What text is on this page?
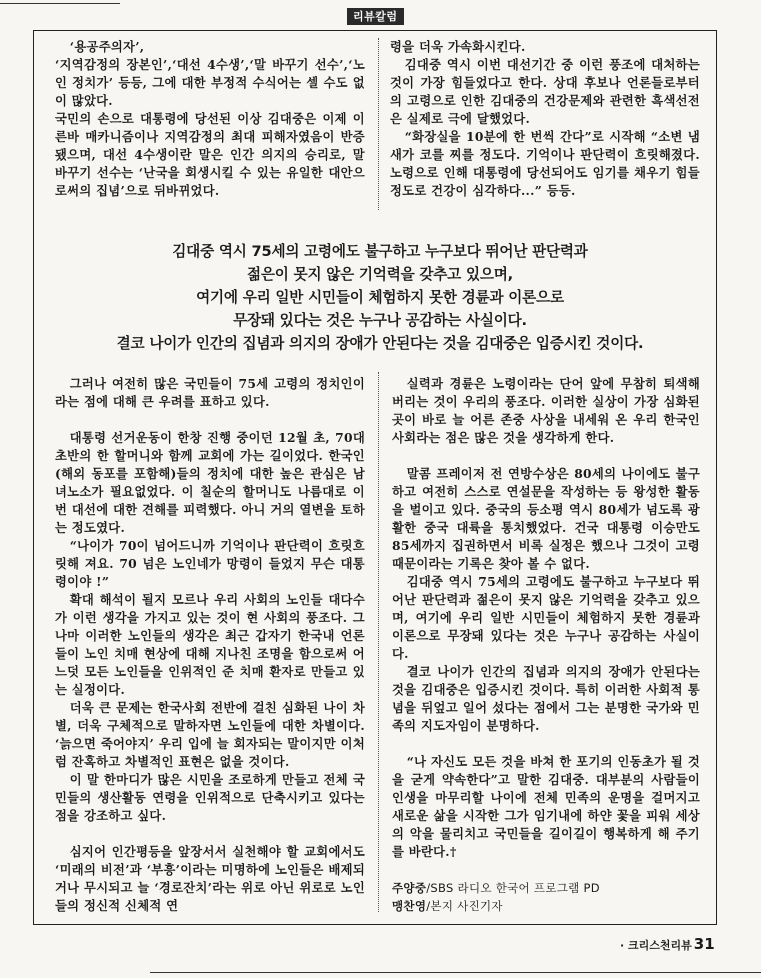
리뷰칼럼

‘용공주의자’,

‘지역감정의 장본인’,‘대선 4수생’,‘말 바꾸기 선수’,‘노인 정치가’ 등등, 그에 대한 부정적 수식어는 셀 수도 없이 많았다.

국민의 손으로 대통령에 당선된 이상 김대중은 이제 이른바 매카니즘이나 지역감정의 최대 피해자였음이 반증됐으며, 대선 4수생이란 말은 인간 의지의 승리로, 말 바꾸기 선수는 ‘난국을 회생시킬 수 있는 유일한 대안으로써의 집념’으로 뒤바뀌었다.

령을 더욱 가속화시킨다.

김대중 역시 이번 대선기간 중 이런 풍조에 대처하는 것이 가장 힘들었다고 한다. 상대 후보나 언론들로부터의 고령으로 인한 김대중의 건강문제와 관련한 흑색선전은 실제로 극에 달했었다.

“화장실을 10분에 한 번씩 간다”로 시작해 “소변 냄새가 코를 찌를 정도다. 기억이나 판단력이 흐릿해졌다. 노령으로 인해 대통령에 당선되어도 임기를 채우기 힘들 정도로 건강이 심각하다...” 등등.

김대중 역시 75세의 고령에도 불구하고 누구보다 뛰어난 판단력과
젊은이 못지 않은 기억력을 갖추고 있으며,
여기에 우리 일반 시민들이 체험하지 못한 경륜과 이론으로
무장돼 있다는 것은 누구나 공감하는 사실이다.
결코 나이가 인간의 집념과 의지의 장애가 안된다는 것을 김대중은 입증시킨 것이다.

그러나 여전히 많은 국민들이 75세 고령의 정치인이라는 점에 대해 큰 우려를 표하고 있다.

대통령 선거운동이 한창 진행 중이던 12월 초, 70대 초반의 한 할머니와 함께 교회에 가는 길이었다. 한국인(해외 동포를 포함해)들의 정치에 대한 높은 관심은 남녀노소가 필요없었다. 이 칠순의 할머니도 나름대로 이번 대선에 대한 견해를 피력했다. 아니 거의 열변을 토하는 정도였다.

“나이가 70이 넘어드니까 기억이나 판단력이 흐릿흐릿해 져요. 70 넘은 노인네가 망령이 들었지 무슨 대통령이야 !”

확대 해석이 될지 모르나 우리 사회의 노인들 대다수가 이런 생각을 가지고 있는 것이 현 사회의 풍조다. 그나마 이러한 노인들의 생각은 최근 갑자기 한국내 언론들이 노인 치매 현상에 대해 지나친 조명을 함으로써 어느덧 모든 노인들을 인위적인 준 치매 환자로 만들고 있는 실정이다.

더욱 큰 문제는 한국사회 전반에 걸친 심화된 나이 차별, 더욱 구체적으로 말하자면 노인들에 대한 차별이다. ‘늙으면 죽어야지’ 우리 입에 늘 회자되는 말이지만 이처럼 잔혹하고 차별적인 표현은 없을 것이다.

이 말 한마디가 많은 시민을 조로하게 만들고 전체 국민들의 생산활동 연령을 인위적으로 단축시키고 있다는 점을 강조하고 싶다.

심지어 인간평등을 앞장서서 실천해야 할 교회에서도 ‘미래의 비전’과 ‘부흥’이라는 미명하에 노인들은 배제되거나 무시되고 늘 ‘경로잔치’라는 위로 아닌 위로로 노인들의 정신적 신체적 연

실력과 경륜은 노령이라는 단어 앞에 무참히 퇴색해 버리는 것이 우리의 풍조다. 이러한 실상이 가장 심화된 곳이 바로 늘 어른 존중 사상을 내세워 온 우리 한국인 사회라는 점은 많은 것을 생각하게 한다.

말콤 프레이저 전 연방수상은 80세의 나이에도 불구하고 여전히 스스로 연설문을 작성하는 등 왕성한 활동을 벌이고 있다. 중국의 등소평 역시 80세가 넘도록 광활한 중국 대륙을 통치했었다. 건국 대통령 이승만도 85세까지 집권하면서 비록 실정은 했으나 그것이 고령 때문이라는 기록은 찾아 볼 수 없다.

김대중 역시 75세의 고령에도 불구하고 누구보다 뛰어난 판단력과 젊은이 못지 않은 기억력을 갖추고 있으며, 여기에 우리 일반 시민들이 체험하지 못한 경륜과 이론으로 무장돼 있다는 것은 누구나 공감하는 사실이다.

결코 나이가 인간의 집념과 의지의 장애가 안된다는 것을 김대중은 입증시킨 것이다. 특히 이러한 사회적 통념을 뒤엎고 일어 섰다는 점에서 그는 분명한 국가와 민족의 지도자임이 분명하다.

“나 자신도 모든 것을 바쳐 한 포기의 인동초가 될 것을 굳게 약속한다”고 말한 김대중. 대부분의 사람들이 인생을 마무리할 나이에 전체 민족의 운명을 걸머지고 새로운 삶을 시작한 그가 임기내에 하얀 꽃을 피워 세상의 악을 물리치고 국민들을 길이길이 행복하게 해 주기를 바란다.†

주양중/SBS 라디오 한국어 프로그램 PD
맹찬영/본지 사진기자
· 크리스천리뷰 31
